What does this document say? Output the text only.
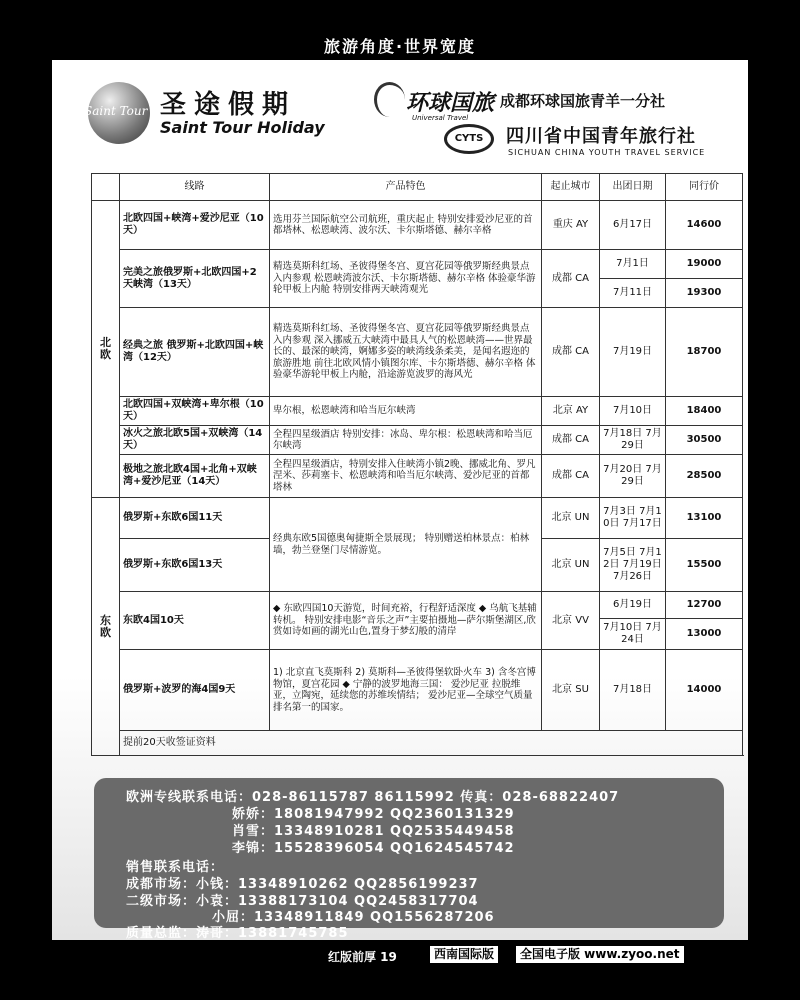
旅游角度·世界宽度
Saint Tour 圣途假期
Saint Tour Holiday
环球国旅
Universal Travel
成都环球国旅青羊一分社
CYTS	四川省中国青年旅行社
SICHUAN CHINA YOUTH TRAVEL SERVICE
	线路	产品特色	起止城市	出团日期	同行价
北欧	北欧四国+峡湾+爱沙尼亚（10天）	选用芬兰国际航空公司航班，重庆起止 特别安排爱沙尼亚的首都塔林、松恩峡湾、波尔沃、卡尔斯塔德、赫尔辛格	重庆 AY	6月17日	14600
	完美之旅俄罗斯+北欧四国+2天峡湾（13天）	精选莫斯科红场、圣彼得堡冬宫、夏宫花园等俄罗斯经典景点入内参观 松恩峡湾波尔沃、卡尔斯塔德、赫尔辛格 体验豪华游轮甲板上内舱 特别安排两天峡湾观光	成都 CA	7月1日	19000
				7月11日	19300
	经典之旅 俄罗斯+北欧四国+峡湾（12天）	精选莫斯科红场、圣彼得堡冬宫、夏宫花园等俄罗斯经典景点入内参观 深入挪威五大峡湾中最具人气的松恩峡湾——世界最长的、最深的峡湾，婀娜多姿的峡湾线条柔美，是闻名遐迩的旅游胜地 前往北欧风情小镇图尔库、卡尔斯塔德、赫尔辛格 体验豪华游轮甲板上内舱，沿途游览波罗的海风光	成都 CA	7月19日	18700
	北欧四国+双峡湾+卑尔根（10天）	卑尔根，松恩峡湾和哈当厄尔峡湾	北京 AY	7月10日	18400
	冰火之旅北欧5国+双峡湾（14天）	全程四星级酒店 特别安排：冰岛、卑尔根：松恩峡湾和哈当厄尔峡湾	成都 CA	7月18日 7月29日	30500
	极地之旅北欧4国+北角+双峡湾+爱沙尼亚（14天）	全程四星级酒店，特别安排入住峡湾小镇2晚、挪威北角、罗凡涅米、莎莉塞卡、松恩峡湾和哈当厄尔峡湾、爱沙尼亚的首都塔林	成都 CA	7月20日 7月29日	28500
东欧	俄罗斯+东欧6国11天	经典东欧5国德奥匈捷斯全景展现； 特别赠送柏林景点：柏林墙，勃兰登堡门尽情游览。	北京 UN	7月3日 7月10日 7月17日	13100
	俄罗斯+东欧6国13天		北京 UN	7月5日 7月12日 7月19日 7月26日	15500
	东欧4国10天	◆ 东欧四国10天游览，时间充裕，行程舒适深度 ◆ 乌航飞基辅转机。 特别安排电影“音乐之声”主要拍摄地—萨尔斯堡湖区,欣赏如诗如画的湖光山色,置身于梦幻般的清岸	北京 VV	6月19日	12700
				7月10日 7月24日	13000
	俄罗斯+波罗的海4国9天	1) 北京直飞莫斯科 2) 莫斯科—圣彼得堡软卧火车 3) 含冬宫博物馆，夏宫花园 ◆ 宁静的波罗地海三国： 爱沙尼亚 拉脱维亚，立陶宛，延续您的苏维埃情结； 爱沙尼亚—全球空气质量排名第一的国家。	北京 SU	7月18日	14000
	提前20天收签证资料				
欧洲专线联系电话：028-86115787 86115992 传真：028-68822407
娇娇：18081947992 QQ2360131329
肖雪：13348910281 QQ2535449458
李锦：15528396054 QQ1624545742
销售联系电话：
成都市场：小钱：13348910262 QQ2856199237
二级市场：小袁：13388173104 QQ2458317704
小屈：13348911849 QQ1556287206
质量总监：涛哥：13881745785
红版前厚 19	西南国际版	全国电子版 www.zyoo.net
